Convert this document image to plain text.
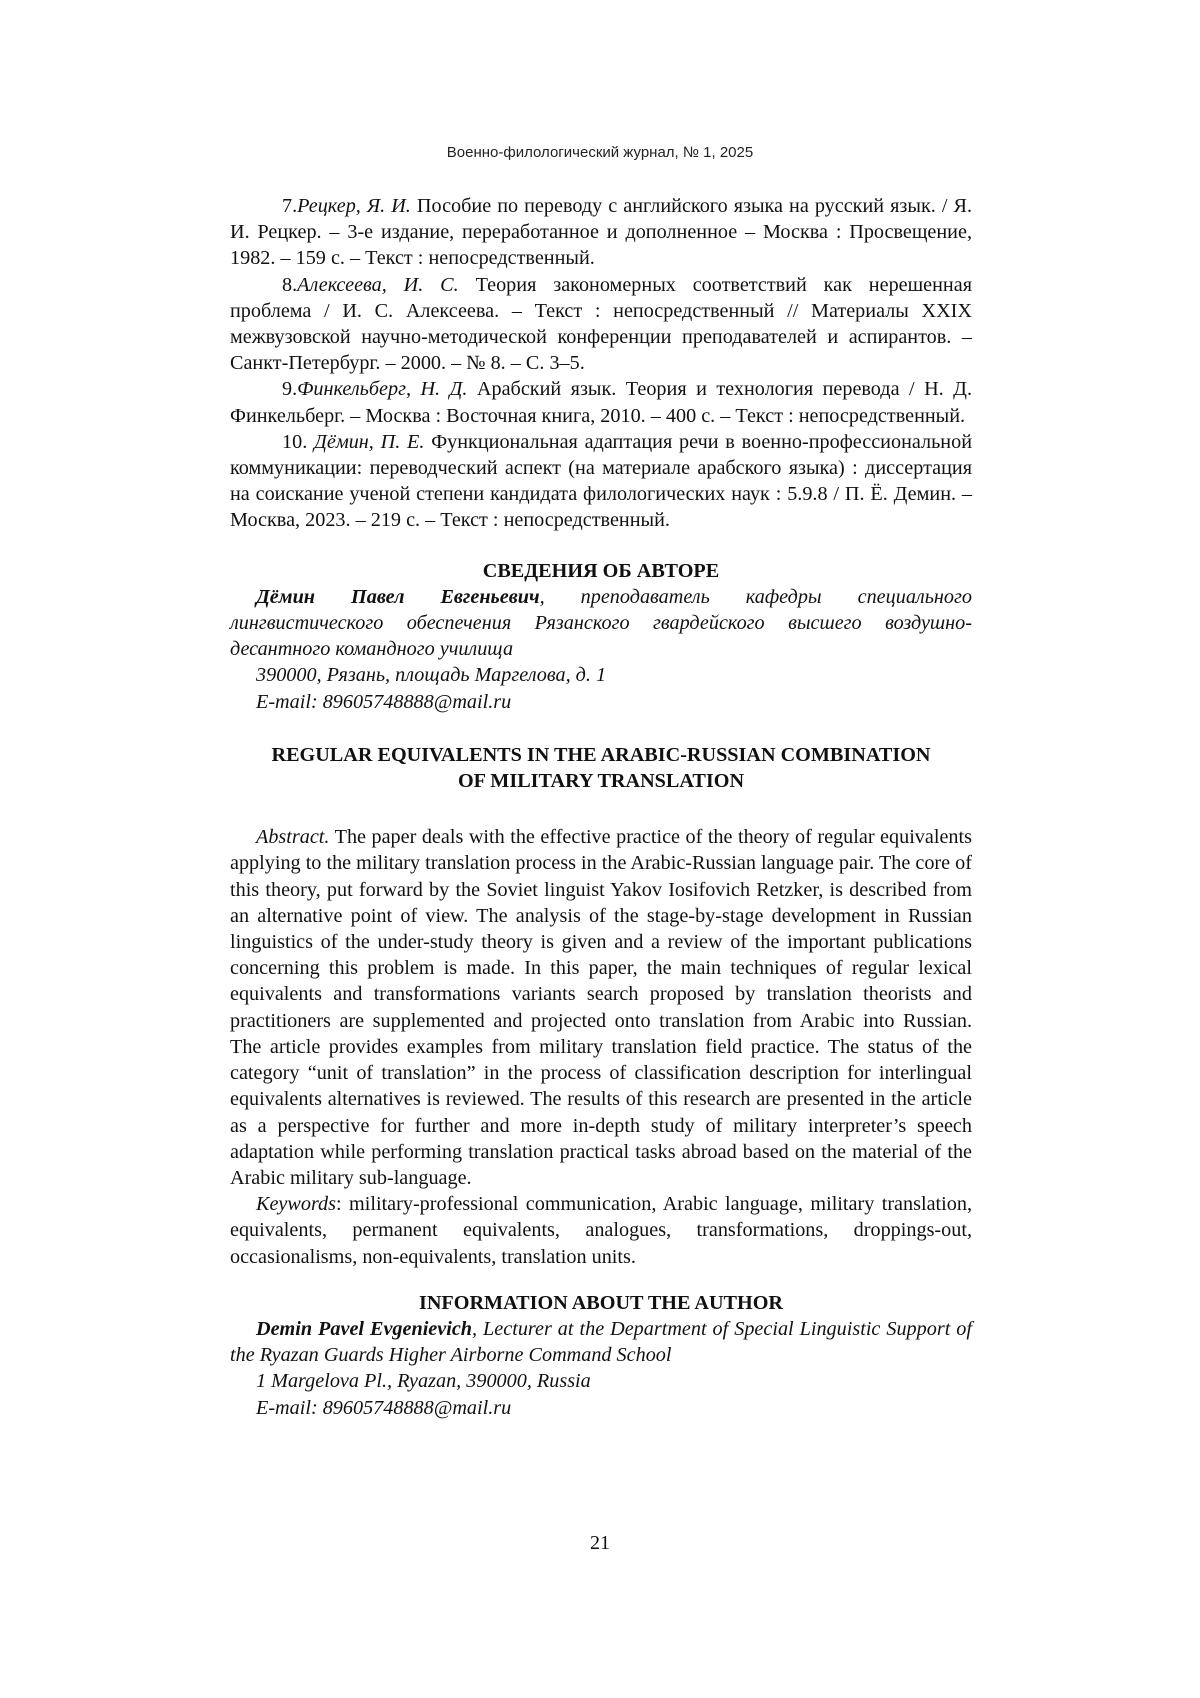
Военно-филологический журнал, № 1, 2025

7.Рецкер, Я. И. Пособие по переводу с английского языка на русский язык. / Я. И. Рецкер. – 3-е издание, переработанное и дополненное – Москва : Просвещение, 1982. – 159 с. – Текст : непосредственный.

8.Алексеева, И. С. Теория закономерных соответствий как нерешенная проблема / И. С. Алексеева. – Текст : непосредственный // Материалы XXIX межвузовской научно-методической конференции преподавателей и аспирантов. – Санкт-Петербург. – 2000. – № 8. – С. 3–5.

9.Финкельберг, Н. Д. Арабский язык. Теория и технология перевода / Н. Д. Финкельберг. – Москва : Восточная книга, 2010. – 400 с. – Текст : непосредственный.

10. Дёмин, П. Е. Функциональная адаптация речи в военно-профессиональной коммуникации: переводческий аспект (на материале арабского языка) : диссертация на соискание ученой степени кандидата филологических наук : 5.9.8 / П. Ё. Демин. – Москва, 2023. – 219 с. – Текст : непосредственный.

СВЕДЕНИЯ ОБ АВТОРЕ

Дёмин Павел Евгеньевич, преподаватель кафедры специального лингвистического обеспечения Рязанского гвардейского высшего воздушно-десантного командного училища

390000, Рязань, площадь Маргелова, д. 1

E-mail: 89605748888@mail.ru

REGULAR EQUIVALENTS IN THE ARABIC-RUSSIAN COMBINATION

OF MILITARY TRANSLATION

Abstract. The paper deals with the effective practice of the theory of regular equivalents applying to the military translation process in the Arabic-Russian language pair. The core of this theory, put forward by the Soviet linguist Yakov Iosifovich Retzker, is described from an alternative point of view. The analysis of the stage-by-stage development in Russian linguistics of the under-study theory is given and a review of the important publications concerning this problem is made. In this paper, the main techniques of regular lexical equivalents and transformations variants search proposed by translation theorists and practitioners are supplemented and projected onto translation from Arabic into Russian. The article provides examples from military translation field practice. The status of the category “unit of translation” in the process of classification description for interlingual equivalents alternatives is reviewed. The results of this research are presented in the article as a perspective for further and more in-depth study of military interpreter’s speech adaptation while performing translation practical tasks abroad based on the material of the Arabic military sub-language.

Keywords: military-professional communication, Arabic language, military translation, equivalents, permanent equivalents, analogues, transformations, droppings-out, occasionalisms, non-equivalents, translation units.

INFORMATION ABOUT THE AUTHOR

Demin Pavel Evgenievich, Lecturer at the Department of Special Linguistic Support of the Ryazan Guards Higher Airborne Command School

1 Margelova Pl., Ryazan, 390000, Russia

E-mail: 89605748888@mail.ru

21
